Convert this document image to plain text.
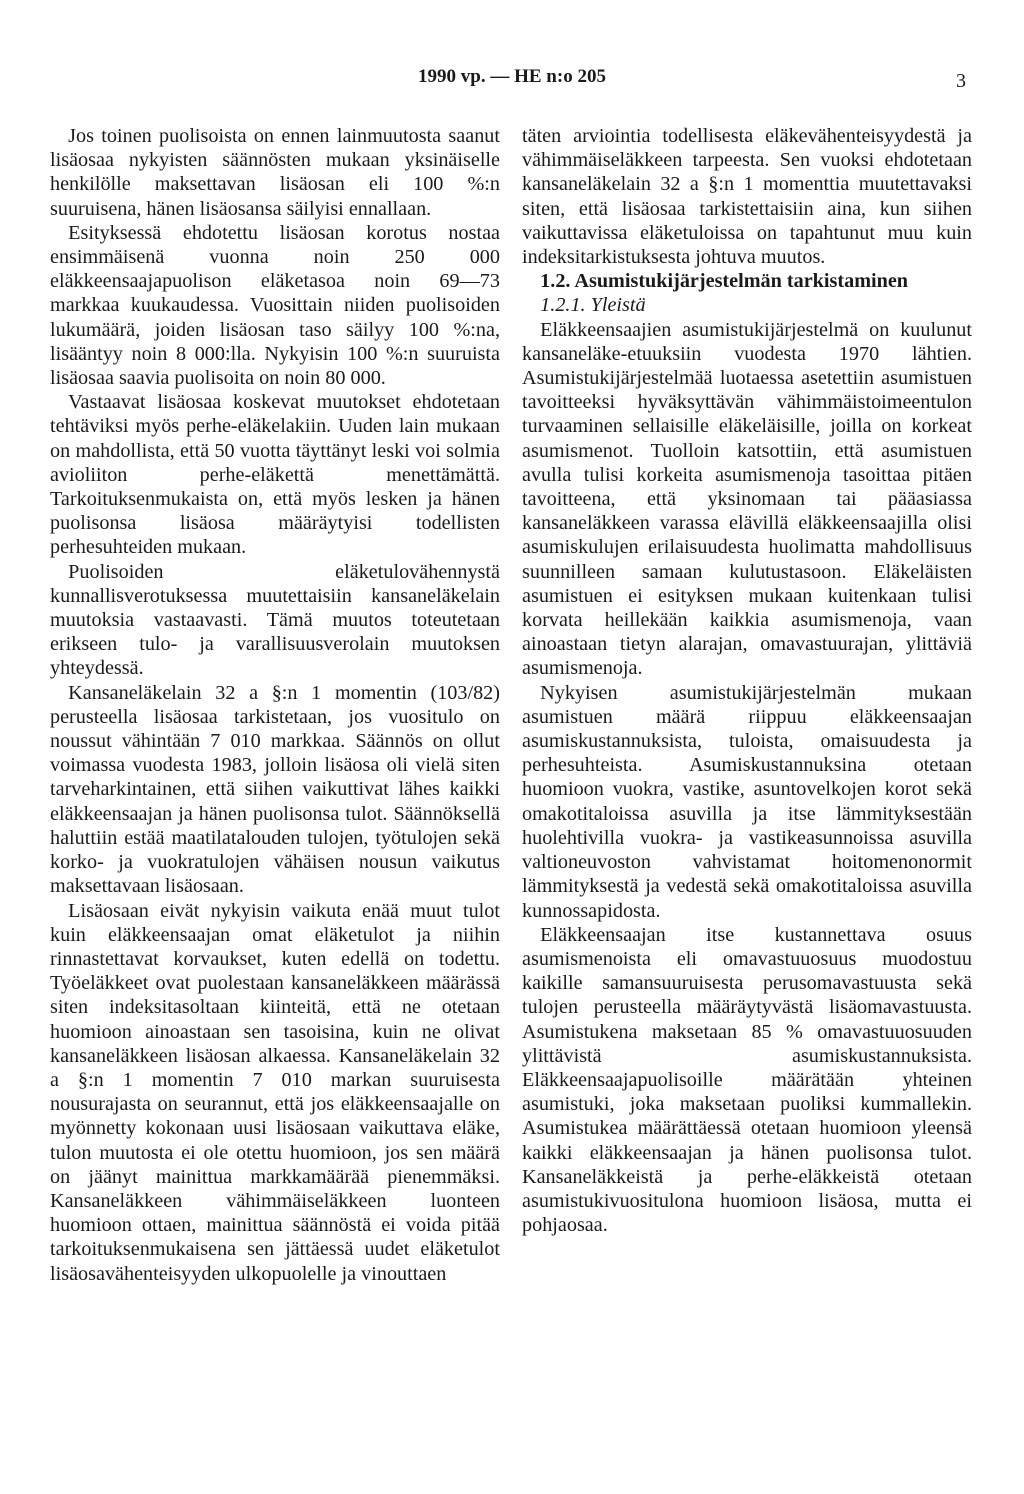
1990 vp. — HE n:o 205	3

Jos toinen puolisoista on ennen lainmuutosta saanut lisäosaa nykyisten säännösten mukaan yksinäiselle henkilölle maksettavan lisäosan eli 100 %:n suuruisena, hänen lisäosansa säilyisi ennallaan.

Esityksessä ehdotettu lisäosan korotus nostaa ensimmäisenä vuonna noin 250 000 eläkkeensaajapuolison eläketasoa noin 69—73 markkaa kuukaudessa. Vuosittain niiden puolisoiden lukumäärä, joiden lisäosan taso säilyy 100 %:na, lisääntyy noin 8 000:lla. Nykyisin 100 %:n suuruista lisäosaa saavia puolisoita on noin 80 000.

Vastaavat lisäosaa koskevat muutokset ehdotetaan tehtäviksi myös perhe-eläkelakiin. Uuden lain mukaan on mahdollista, että 50 vuotta täyttänyt leski voi solmia avioliiton perhe-eläkettä menettämättä. Tarkoituksenmukaista on, että myös lesken ja hänen puolisonsa lisäosa määräytyisi todellisten perhesuhteiden mukaan.

Puolisoiden eläketulovähennystä kunnallisverotuksessa muutettaisiin kansaneläkelain muutoksia vastaavasti. Tämä muutos toteutetaan erikseen tulo- ja varallisuusverolain muutoksen yhteydessä.

Kansaneläkelain 32 a §:n 1 momentin (103/82) perusteella lisäosaa tarkistetaan, jos vuositulo on noussut vähintään 7 010 markkaa. Säännös on ollut voimassa vuodesta 1983, jolloin lisäosa oli vielä siten tarveharkintainen, että siihen vaikuttivat lähes kaikki eläkkeensaajan ja hänen puolisonsa tulot. Säännöksellä haluttiin estää maatilatalouden tulojen, työtulojen sekä korko- ja vuokratulojen vähäisen nousun vaikutus maksettavaan lisäosaan.

Lisäosaan eivät nykyisin vaikuta enää muut tulot kuin eläkkeensaajan omat eläketulot ja niihin rinnastettavat korvaukset, kuten edellä on todettu. Työeläkkeet ovat puolestaan kansaneläkkeen määrässä siten indeksitasoltaan kiinteitä, että ne otetaan huomioon ainoastaan sen tasoisina, kuin ne olivat kansaneläkkeen lisäosan alkaessa. Kansaneläkelain 32 a §:n 1 momentin 7 010 markan suuruisesta nousurajasta on seurannut, että jos eläkkeensaajalle on myönnetty kokonaan uusi lisäosaan vaikuttava eläke, tulon muutosta ei ole otettu huomioon, jos sen määrä on jäänyt mainittua markkamäärää pienemmäksi. Kansaneläkkeen vähimmäiseläkkeen luonteen huomioon ottaen, mainittua säännöstä ei voida pitää tarkoituksenmukaisena sen jättäessä uudet eläketulot lisäosavähenteisyyden ulkopuolelle ja vinouttaen

täten arviointia todellisesta eläkevähenteisyydestä ja vähimmäiseläkkeen tarpeesta. Sen vuoksi ehdotetaan kansaneläkelain 32 a §:n 1 momenttia muutettavaksi siten, että lisäosaa tarkistettaisiin aina, kun siihen vaikuttavissa eläketuloissa on tapahtunut muu kuin indeksitarkistuksesta johtuva muutos.

1.2. Asumistukijärjestelmän tarkistaminen

1.2.1. Yleistä

Eläkkeensaajien asumistukijärjestelmä on kuulunut kansaneläke-etuuksiin vuodesta 1970 lähtien. Asumistukijärjestelmää luotaessa asetettiin asumistuen tavoitteeksi hyväksyttävän vähimmäistoimeentulon turvaaminen sellaisille eläkeläisille, joilla on korkeat asumismenot. Tuolloin katsottiin, että asumistuen avulla tulisi korkeita asumismenoja tasoittaa pitäen tavoitteena, että yksinomaan tai pääasiassa kansaneläkkeen varassa elävillä eläkkeensaajilla olisi asumiskulujen erilaisuudesta huolimatta mahdollisuus suunnilleen samaan kulutustasoon. Eläkeläisten asumistuen ei esityksen mukaan kuitenkaan tulisi korvata heillekään kaikkia asumismenoja, vaan ainoastaan tietyn alarajan, omavastuurajan, ylittäviä asumismenoja.

Nykyisen asumistukijärjestelmän mukaan asumistuen määrä riippuu eläkkeensaajan asumiskustannuksista, tuloista, omaisuudesta ja perhesuhteista. Asumiskustannuksina otetaan huomioon vuokra, vastike, asuntovelkojen korot sekä omakotitaloissa asuvilla ja itse lämmityksestään huolehtivilla vuokra- ja vastikeasunnoissa asuvilla valtioneuvoston vahvistamat hoitomenonormit lämmityksestä ja vedestä sekä omakotitaloissa asuvilla kunnossapidosta.

Eläkkeensaajan itse kustannettava osuus asumismenoista eli omavastuuosuus muodostuu kaikille samansuuruisesta perusomavastuusta sekä tulojen perusteella määräytyvästä lisäomavastuusta. Asumistukena maksetaan 85 % omavastuuosuuden ylittävistä asumiskustannuksista. Eläkkeensaajapuolisoille määrätään yhteinen asumistuki, joka maksetaan puoliksi kummallekin. Asumistukea määrättäessä otetaan huomioon yleensä kaikki eläkkeensaajan ja hänen puolisonsa tulot. Kansaneläkkeistä ja perhe-eläkkeistä otetaan asumistukivuositulona huomioon lisäosa, mutta ei pohjaosaa.
